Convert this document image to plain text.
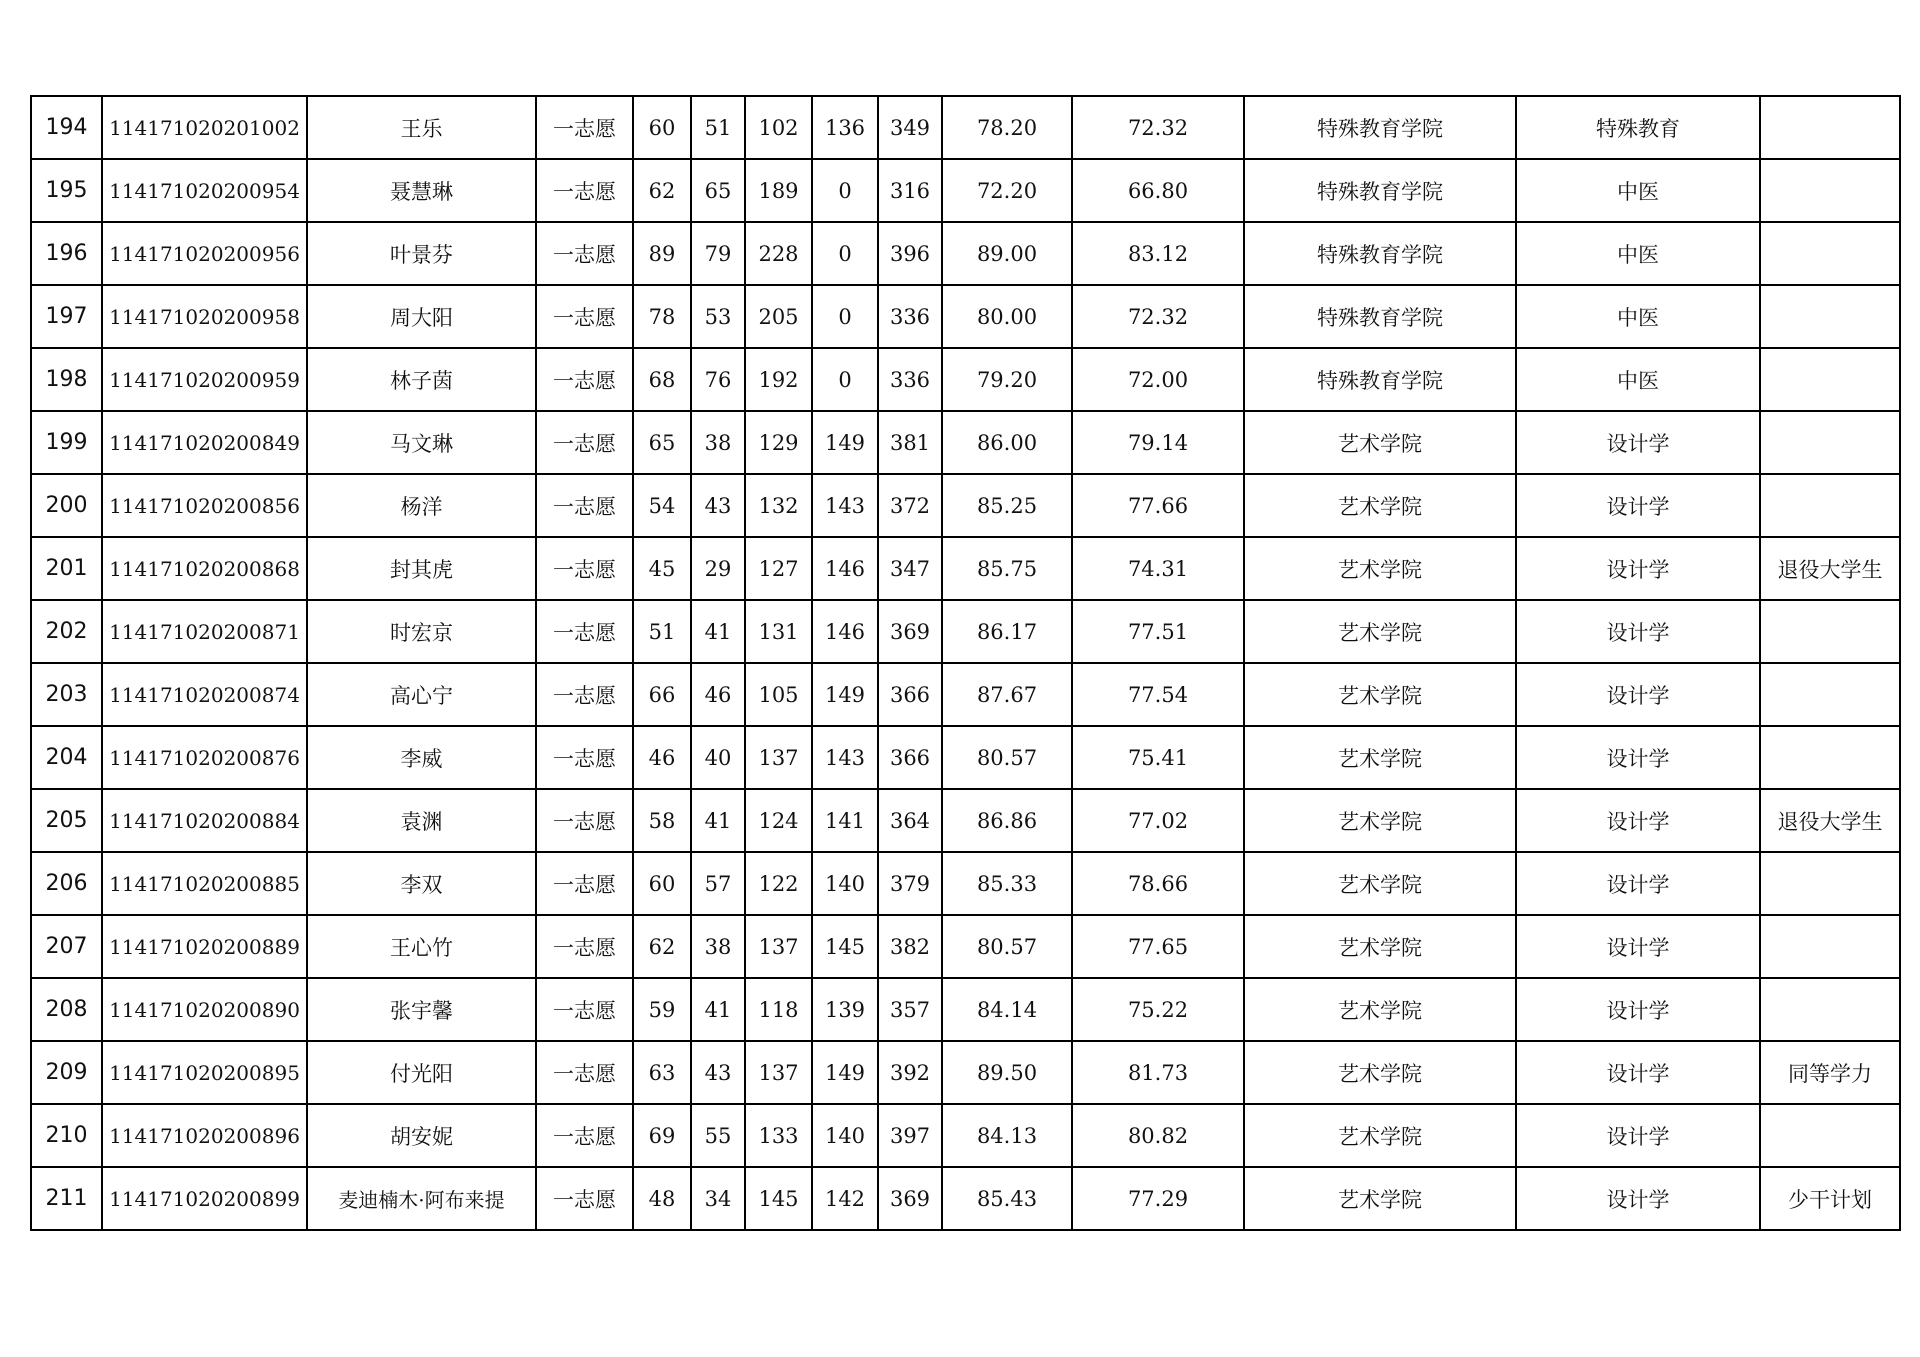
194	114171020201002	王乐	一志愿	60	51	102	136	349	78.20	72.32	特殊教育学院	特殊教育	
195	114171020200954	聂慧琳	一志愿	62	65	189	0	316	72.20	66.80	特殊教育学院	中医	
196	114171020200956	叶景芬	一志愿	89	79	228	0	396	89.00	83.12	特殊教育学院	中医	
197	114171020200958	周大阳	一志愿	78	53	205	0	336	80.00	72.32	特殊教育学院	中医	
198	114171020200959	林子茵	一志愿	68	76	192	0	336	79.20	72.00	特殊教育学院	中医	
199	114171020200849	马文琳	一志愿	65	38	129	149	381	86.00	79.14	艺术学院	设计学	
200	114171020200856	杨洋	一志愿	54	43	132	143	372	85.25	77.66	艺术学院	设计学	
201	114171020200868	封其虎	一志愿	45	29	127	146	347	85.75	74.31	艺术学院	设计学	退役大学生
202	114171020200871	时宏京	一志愿	51	41	131	146	369	86.17	77.51	艺术学院	设计学	
203	114171020200874	高心宁	一志愿	66	46	105	149	366	87.67	77.54	艺术学院	设计学	
204	114171020200876	李威	一志愿	46	40	137	143	366	80.57	75.41	艺术学院	设计学	
205	114171020200884	袁渊	一志愿	58	41	124	141	364	86.86	77.02	艺术学院	设计学	退役大学生
206	114171020200885	李双	一志愿	60	57	122	140	379	85.33	78.66	艺术学院	设计学	
207	114171020200889	王心竹	一志愿	62	38	137	145	382	80.57	77.65	艺术学院	设计学	
208	114171020200890	张宇馨	一志愿	59	41	118	139	357	84.14	75.22	艺术学院	设计学	
209	114171020200895	付光阳	一志愿	63	43	137	149	392	89.50	81.73	艺术学院	设计学	同等学力
210	114171020200896	胡安妮	一志愿	69	55	133	140	397	84.13	80.82	艺术学院	设计学	
211	114171020200899	麦迪楠木·阿布来提	一志愿	48	34	145	142	369	85.43	77.29	艺术学院	设计学	少干计划
